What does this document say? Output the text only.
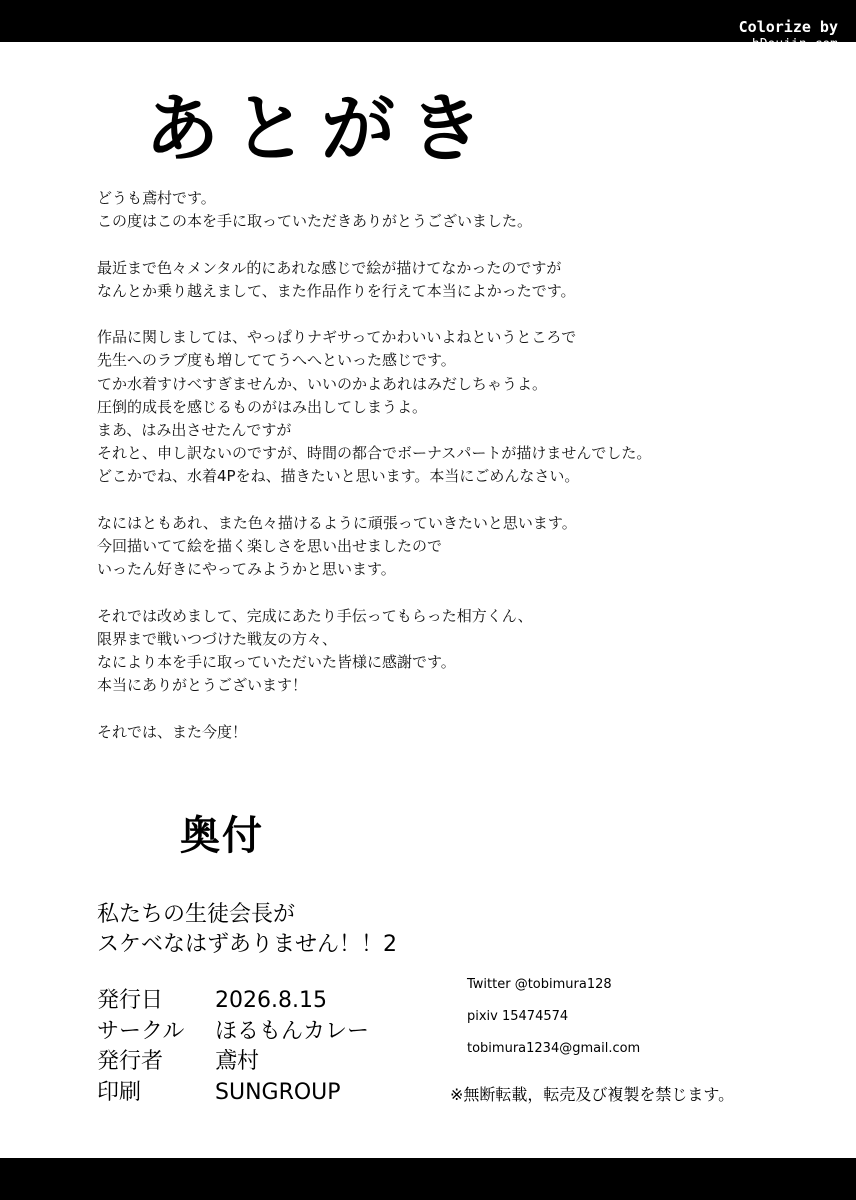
Colorize by
あとがき

どうも鳶村です。

この度はこの本を手に取っていただきありがとうございました。

最近まで色々メンタル的にあれな感じで絵が描けてなかったのですが

なんとか乗り越えまして、また作品作りを行えて本当によかったです。

作品に関しましては、やっぱりナギサってかわいいよねというところで

先生へのラブ度も増しててうへへといった感じです。

てか水着すけべすぎませんか、いいのかよあれはみだしちゃうよ。

圧倒的成長を感じるものがはみ出してしまうよ。

まあ、はみ出させたんですが

それと、申し訳ないのですが、時間の都合でボーナスパートが描けませんでした。

どこかでね、水着4Pをね、描きたいと思います。本当にごめんなさい。

なにはともあれ、また色々描けるように頑張っていきたいと思います。

今回描いてて絵を描く楽しさを思い出せましたので

いったん好きにやってみようかと思います。

それでは改めまして、完成にあたり手伝ってもらった相方くん、

限界まで戦いつづけた戦友の方々、

なにより本を手に取っていただいた皆様に感謝です。

本当にありがとうございます！

それでは、また今度！

奥付
私たちの生徒会長が
スケベなはずありません！！2
発行日	2026.8.15
サークル	ほるもんカレー
発行者	鳶村
印刷	SUNGROUP
Twitter @tobimura128
pixiv 15474574
tobimura1234@gmail.com
※無断転載，転売及び複製を禁じます。
